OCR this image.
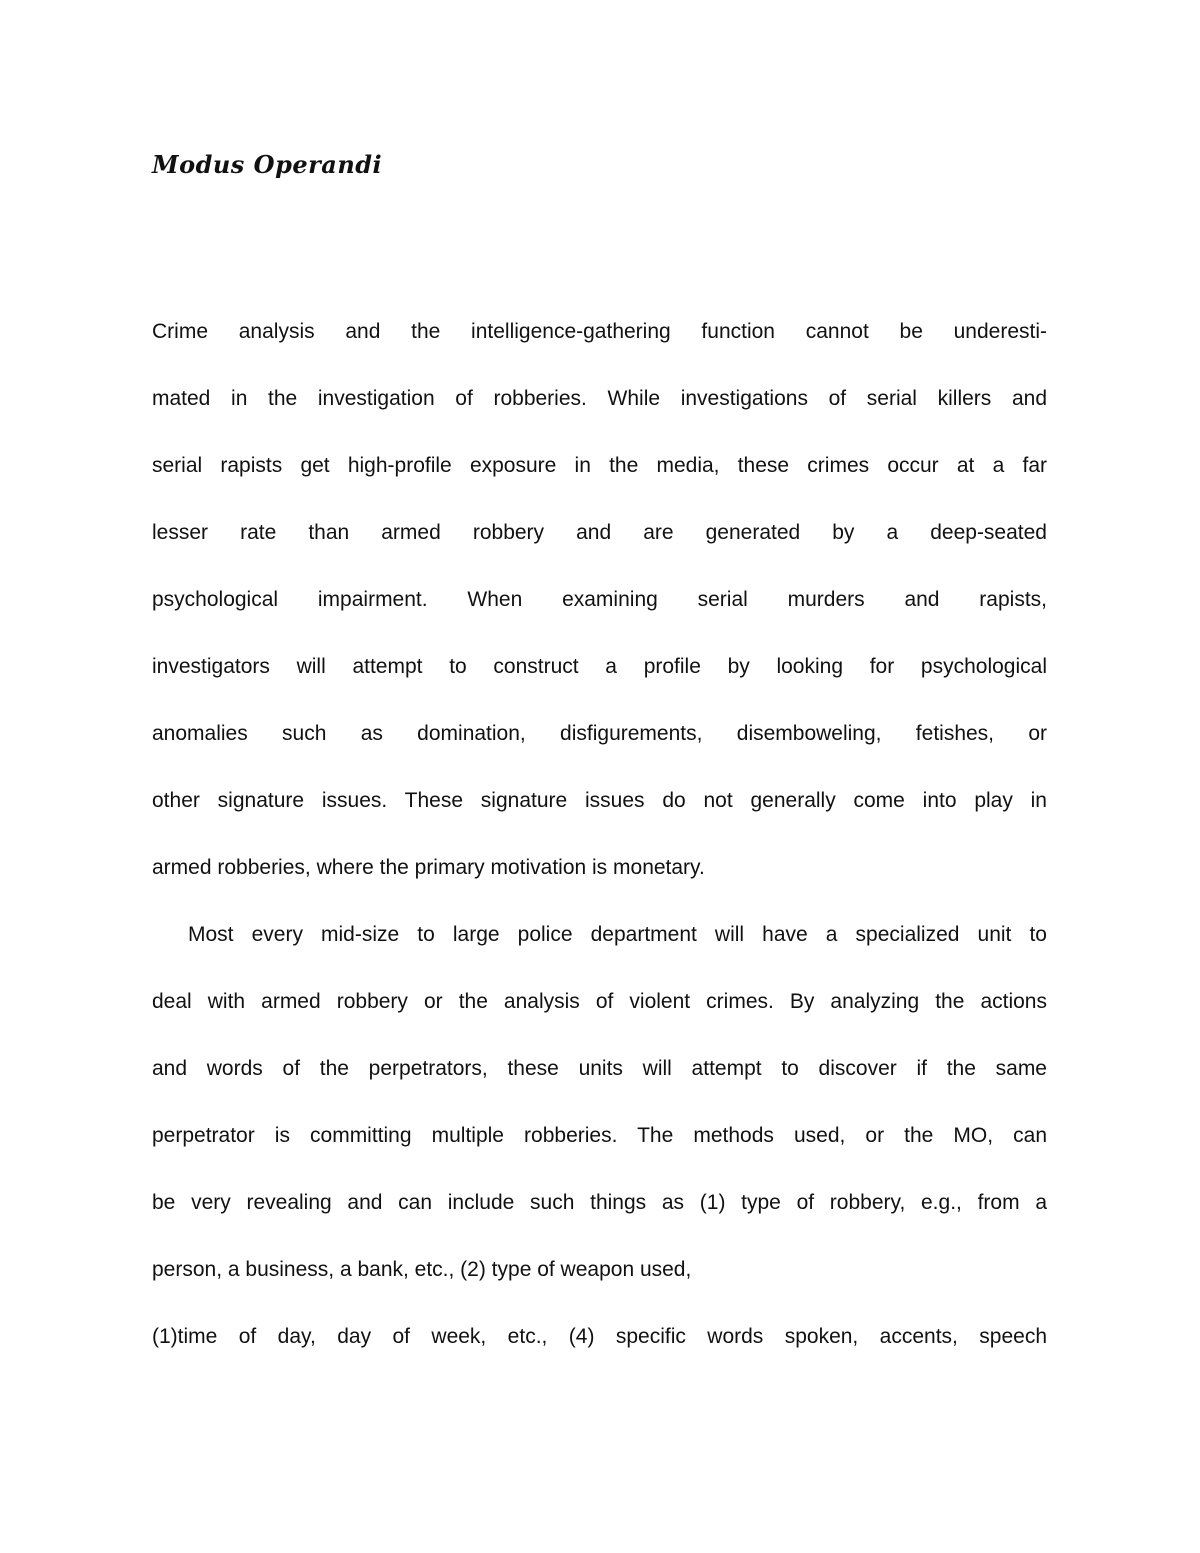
Modus Operandi
Crime analysis and the intelligence-gathering function cannot be underesti-
mated in the investigation of robberies. While investigations of serial killers and
serial rapists get high-profile exposure in the media, these crimes occur at a far
lesser rate than armed robbery and are generated by a deep-seated
psychological impairment. When examining serial murders and rapists,
investigators will attempt to construct a profile by looking for psychological
anomalies such as domination, disfigurements, disemboweling, fetishes, or
other signature issues. These signature issues do not generally come into play in
armed robberies, where the primary motivation is monetary.
Most every mid-size to large police department will have a specialized unit to
deal with armed robbery or the analysis of violent crimes. By analyzing the actions
and words of the perpetrators, these units will attempt to discover if the same
perpetrator is committing multiple robberies. The methods used, or the MO, can
be very revealing and can include such things as (1) type of robbery, e.g., from a
person, a business, a bank, etc., (2) type of weapon used,
(1)time of day, day of week, etc., (4) specific words spoken, accents, speech
